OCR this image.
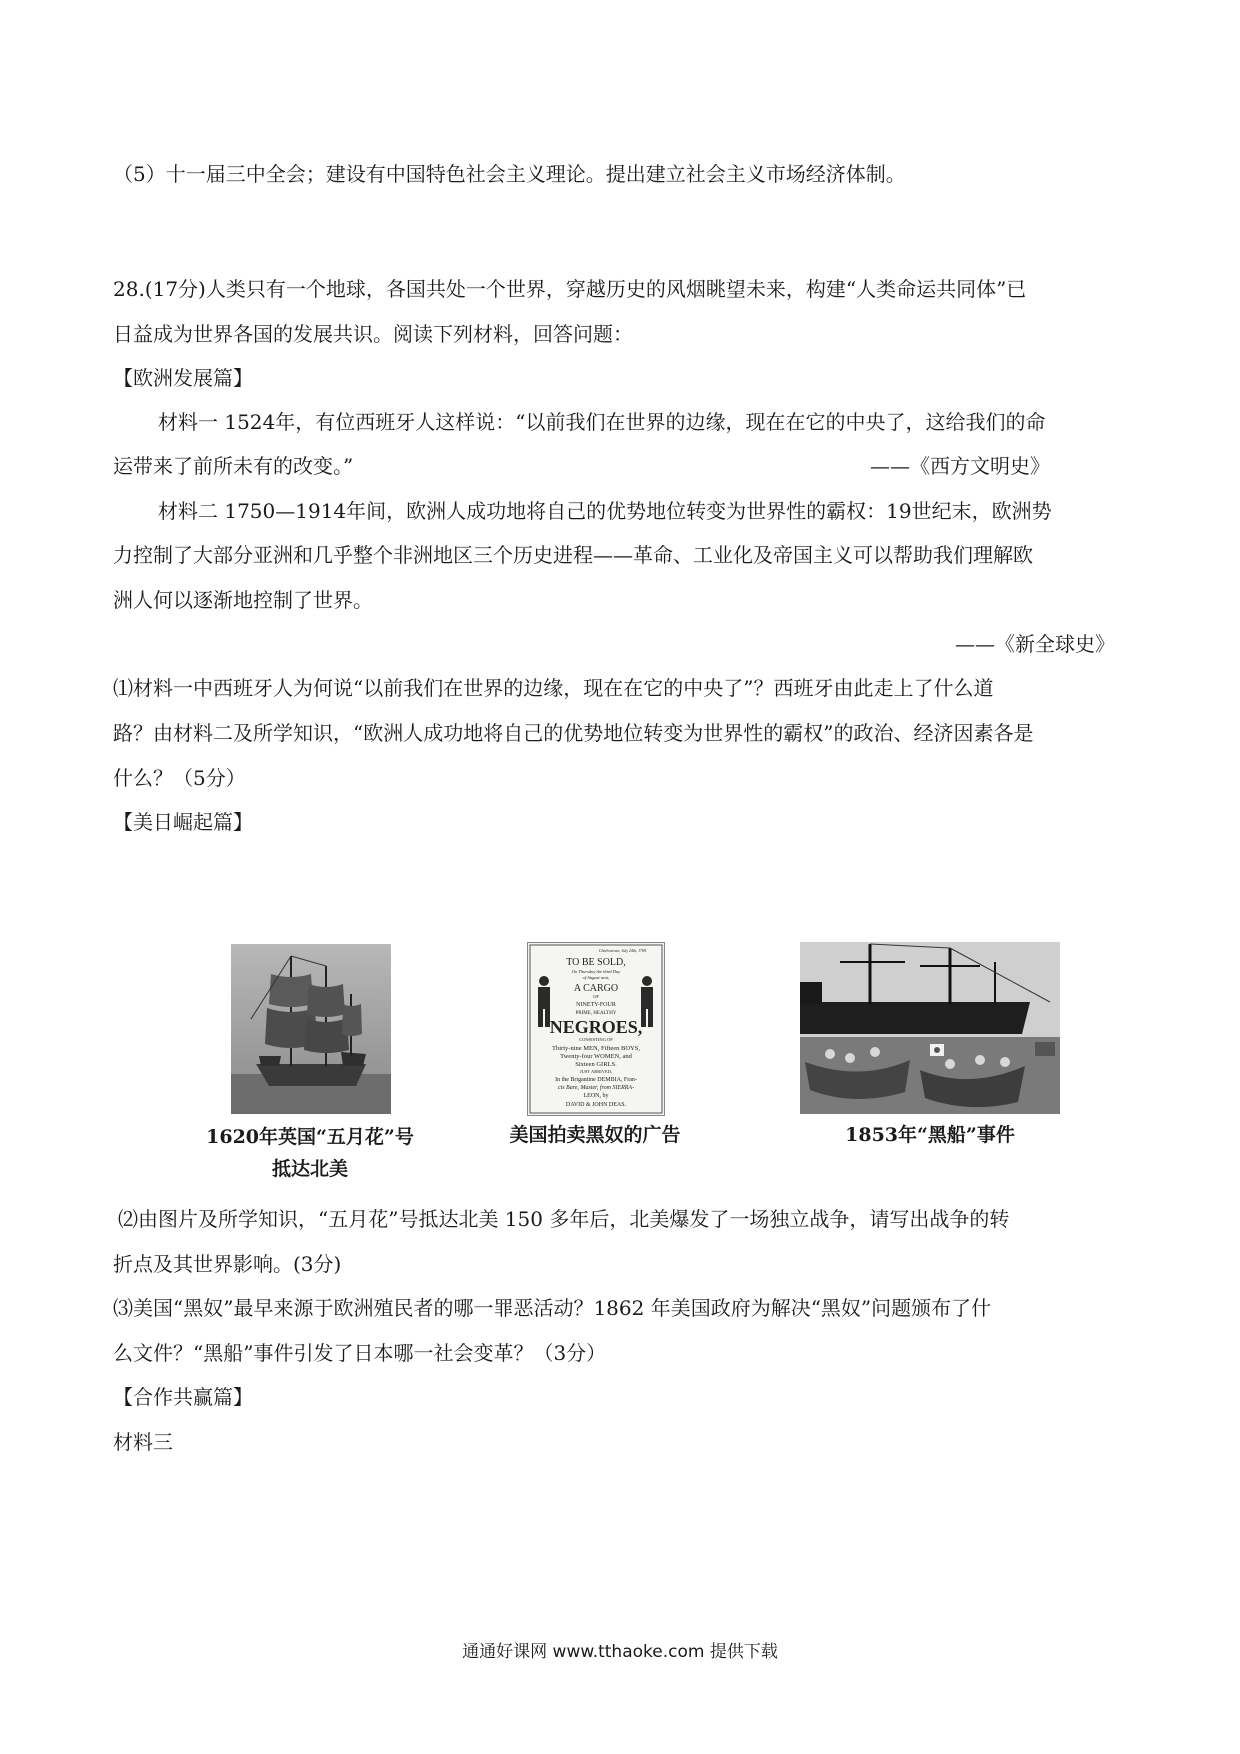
（5）十一届三中全会；建设有中国特色社会主义理论。提出建立社会主义市场经济体制。
28.(17分)人类只有一个地球，各国共处一个世界，穿越历史的风烟眺望未来，构建“人类命运共同体”已
日益成为世界各国的发展共识。阅读下列材料，回答问题：
【欧洲发展篇】
材料一 1524年，有位西班牙人这样说：“以前我们在世界的边缘，现在在它的中央了，这给我们的命
运带来了前所未有的改变。”	——《西方文明史》
材料二 1750—1914年间，欧洲人成功地将自己的优势地位转变为世界性的霸权：19世纪末，欧洲势
力控制了大部分亚洲和几乎整个非洲地区三个历史进程——革命、工业化及帝国主义可以帮助我们理解欧
洲人何以逐渐地控制了世界。
——《新全球史》
⑴材料一中西班牙人为何说“以前我们在世界的边缘，现在在它的中央了”？西班牙由此走上了什么道
路？由材料二及所学知识，“欧洲人成功地将自己的优势地位转变为世界性的霸权”的政治、经济因素各是
什么？（5分）
【美日崛起篇】
1620年英国“五月花”号
抵达北美
Charlestown, July 24th, 1769.
TO BE SOLD,
On Thursday the third Day
of August next,
A CARGO
OF
NINETY-FOUR
PRIME, HEALTHY
NEGROES,
CONSISTING OF
Thirty-nine MEN, Fifteen BOYS,
Twenty-four WOMEN, and
Sixteen GIRLS.
JUST ARRIVED,
In the Brigantine DEMBIA, Fran-
cis Bare, Master, from SIERRA-
LEON, by
DAVID & JOHN DEAS.
美国拍卖黑奴的广告	1853年“黑船”事件
⑵由图片及所学知识，“五月花”号抵达北美 150 多年后，北美爆发了一场独立战争，请写出战争的转
折点及其世界影响。(3分)
⑶美国“黑奴”最早来源于欧洲殖民者的哪一罪恶活动？1862 年美国政府为解决“黑奴”问题颁布了什
么文件？“黑船”事件引发了日本哪一社会变革？（3分）
【合作共赢篇】
材料三
通通好课网 www.tthaoke.com 提供下载
